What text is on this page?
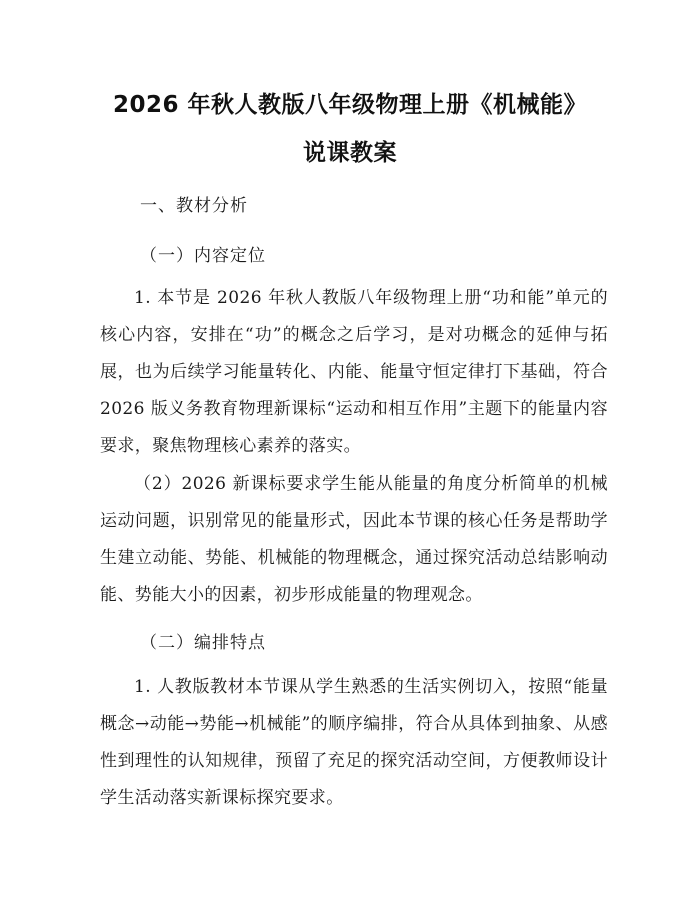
2026 年秋人教版八年级物理上册《机械能》
说课教案
一、教材分析
（一）内容定位
1. 本节是 2026 年秋人教版八年级物理上册“功和能”单元的核心内容，安排在“功”的概念之后学习，是对功概念的延伸与拓展，也为后续学习能量转化、内能、能量守恒定律打下基础，符合 2026 版义务教育物理新课标“运动和相互作用”主题下的能量内容要求，聚焦物理核心素养的落实。
（2）2026 新课标要求学生能从能量的角度分析简单的机械运动问题，识别常见的能量形式，因此本节课的核心任务是帮助学生建立动能、势能、机械能的物理概念，通过探究活动总结影响动能、势能大小的因素，初步形成能量的物理观念。
（二）编排特点
1. 人教版教材本节课从学生熟悉的生活实例切入，按照“能量概念→动能→势能→机械能”的顺序编排，符合从具体到抽象、从感性到理性的认知规律，预留了充足的探究活动空间，方便教师设计学生活动落实新课标探究要求。
